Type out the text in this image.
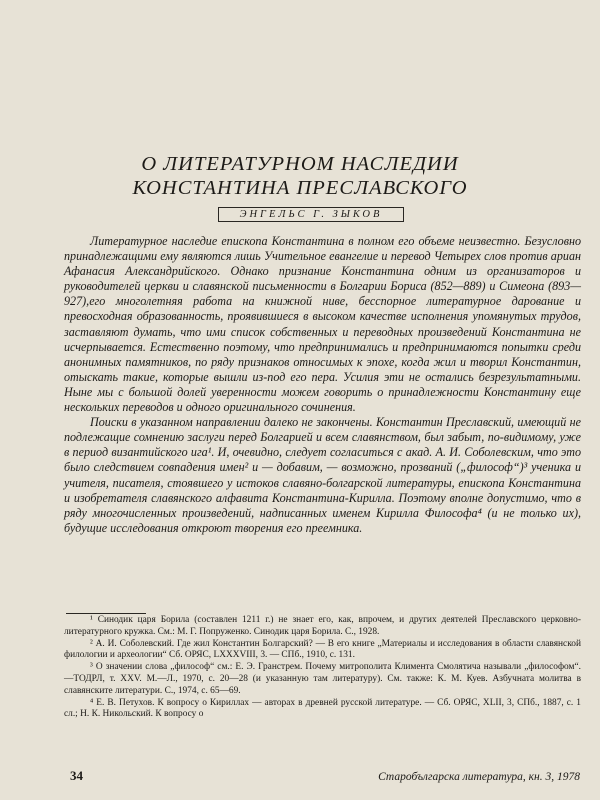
О ЛИТЕРАТУРНОМ НАСЛЕДИИ
КОНСТАНТИНА ПРЕСЛАВСКОГО
ЭНГЕЛЬС Г. ЗЫКОВ

Литературное наследие епископа Константина в полном его объеме неизвестно. Безусловно принадлежащими ему являются лишь Учительное евангелие и перевод Четырех слов против ариан Афанасия Александрийского. Однако признание Константина одним из организаторов и руководителей церкви и славянской письменности в Болгарии Бориса (852—889) и Симеона (893—927),его многолетняя работа на книжной ниве, бесспорное литературное дарование и превосходная образованность, проявившиеся в высоком качестве исполнения упомянутых трудов, заставляют думать, что ими список собственных и переводных произведений Константина не исчерпывается. Естественно поэтому, что предпринимались и предпринимаются попытки среди анонимных памятников, по ряду признаков относимых к эпохе, когда жил и творил Константин, отыскать такие, которые вышли из-под его пера. Усилия эти не остались безрезультатными. Ныне мы с большой долей уверенности можем говорить о принадлежности Константину еще нескольких переводов и одного оригинального сочинения.

Поиски в указанном направлении далеко не закончены. Константин Преславский, имеющий не подлежащие сомнению заслуги перед Болгарией и всем славянством, был забыт, по-видимому, уже в период византийского ига¹. И, очевидно, следует согласиться с акад. А. И. Соболевским, что это было следствием совпадения имен² и — добавим, — возможно, прозваний („философ“)³ ученика и учителя, писателя, стоявшего у истоков славяно-болгарской литературы, епископа Константина и изобретателя славянского алфавита Константина-Кирилла. Поэтому вполне допустимо, что в ряду многочисленных произведений, надписанных именем Кирилла Философа⁴ (и не только их), будущие исследования откроют творения его преемника.

¹ Синодик царя Борила (составлен 1211 г.) не знает его, как, впрочем, и других деятелей Преславского церковно-литературного кружка. См.: М. Г. Попруженко. Синодик царя Борила. С., 1928.

² А. И. Соболевский. Где жил Константин Болгарский? — В его книге „Материалы и исследования в области славянской филологии и археологии“ Сб. ОРЯС, LXXXVIII, 3. — СПб., 1910, с. 131.

³ О значении слова „философ“ см.: Е. Э. Гранстрем. Почему митрополита Климента Смолятича называли „философом“. —ТОДРЛ, т. XXV. М.—Л., 1970, с. 20—28 (и указанную там литературу). См. также: К. М. Куев. Азбучната молитва в славянските литератури. С., 1974, с. 65—69.

⁴ Е. В. Петухов. К вопросу о Кириллах — авторах в древней русской литературе. — Сб. ОРЯС, XLII, 3, СПб., 1887, с. 1 сл.; Н. К. Никольский. К вопросу о

34	Старобългарска литература, кн. 3, 1978
